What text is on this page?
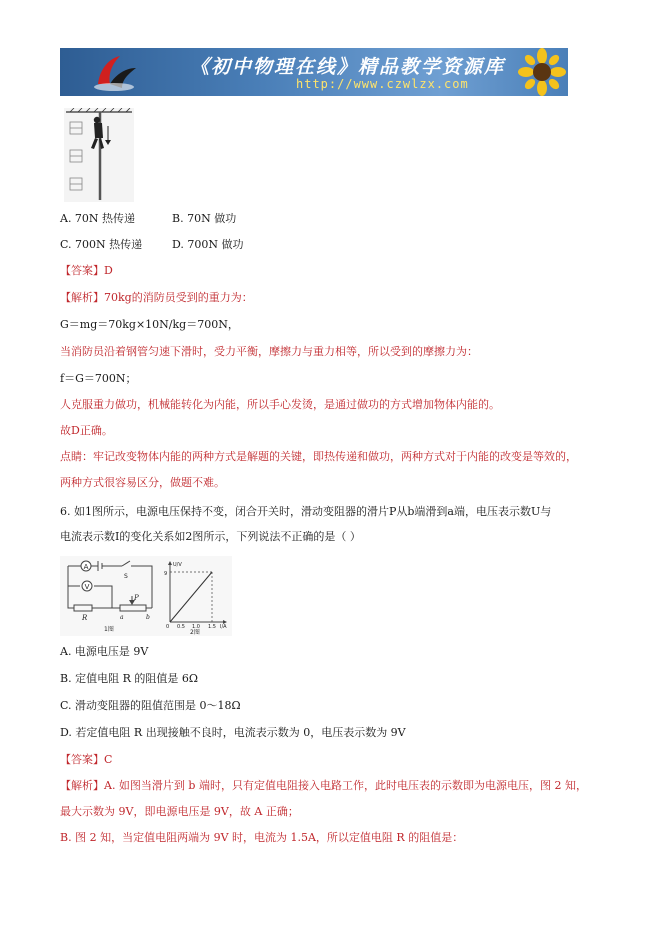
《初中物理在线》精品教学资源库
http://www.czwlzx.com
A. 70N 热传递	B. 70N 做功
C. 700N 热传递	D. 700N 做功
【答案】D
【解析】70kg的消防员受到的重力为：
G＝mg＝70kg×10N/kg＝700N，
当消防员沿着钢管匀速下滑时，受力平衡，摩擦力与重力相等，所以受到的摩擦力为：
f＝G＝700N；
人克服重力做功，机械能转化为内能，所以手心发烫，是通过做功的方式增加物体内能的。
故D正确。
点睛：牢记改变物体内能的两种方式是解题的关键，即热传递和做功，两种方式对于内能的改变是等效的，
两种方式很容易区分，做题不难。
6. 如1图所示，电源电压保持不变，闭合开关时，滑动变阻器的滑片P从b端滑到a端，电压表示数U与
电流表示数I的变化关系如2图所示，下列说法不正确的是（ ）
A
V
S
R
P
a	b
1图
U/V
9
0 0.5 1.0 1.5 I/A
2图
A. 电源电压是 9V
B. 定值电阻 R 的阻值是 6Ω
C. 滑动变阻器的阻值范围是 0～18Ω
D. 若定值电阻 R 出现接触不良时，电流表示数为 0，电压表示数为 9V
【答案】C
【解析】A. 如图当滑片到 b 端时，只有定值电阻接入电路工作，此时电压表的示数即为电源电压，图 2 知，
最大示数为 9V，即电源电压是 9V，故 A 正确；
B. 图 2 知，当定值电阻两端为 9V 时，电流为 1.5A，所以定值电阻 R 的阻值是：
